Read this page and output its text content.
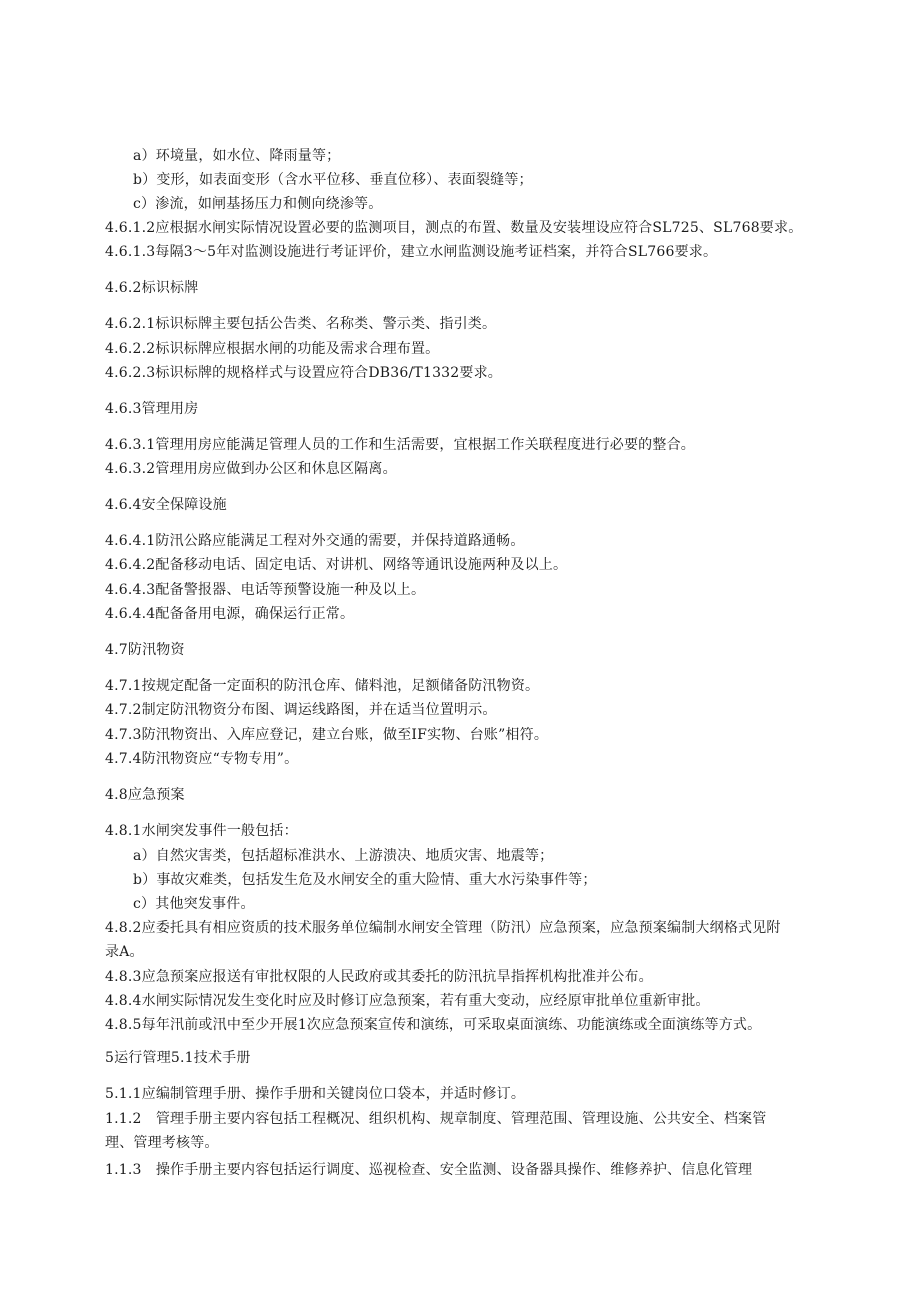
a）环境量，如水位、降雨量等；
b）变形，如表面变形（含水平位移、垂直位移）、表面裂缝等；
c）渗流，如闸基扬压力和侧向绕渗等。
4.6.1.2应根据水闸实际情况设置必要的监测项目，测点的布置、数量及安装埋设应符合SL725、SL768要求。
4.6.1.3每隔3～5年对监测设施进行考证评价，建立水闸监测设施考证档案，并符合SL766要求。
4.6.2标识标牌
4.6.2.1标识标牌主要包括公告类、名称类、警示类、指引类。
4.6.2.2标识标牌应根据水闸的功能及需求合理布置。
4.6.2.3标识标牌的规格样式与设置应符合DB36/T1332要求。
4.6.3管理用房
4.6.3.1管理用房应能满足管理人员的工作和生活需要，宜根据工作关联程度进行必要的整合。
4.6.3.2管理用房应做到办公区和休息区隔离。
4.6.4安全保障设施
4.6.4.1防汛公路应能满足工程对外交通的需要，并保持道路通畅。
4.6.4.2配备移动电话、固定电话、对讲机、网络等通讯设施两种及以上。
4.6.4.3配备警报器、电话等预警设施一种及以上。
4.6.4.4配备备用电源，确保运行正常。
4.7防汛物资
4.7.1按规定配备一定面积的防汛仓库、储料池，足额储备防汛物资。
4.7.2制定防汛物资分布图、调运线路图，并在适当位置明示。
4.7.3防汛物资出、入库应登记，建立台账，做至IF实物、台账”相符。
4.7.4防汛物资应“专物专用”。
4.8应急预案
4.8.1水闸突发事件一般包括：
a）自然灾害类，包括超标准洪水、上游溃决、地质灾害、地震等；
b）事故灾难类，包括发生危及水闸安全的重大险情、重大水污染事件等；
c）其他突发事件。
4.8.2应委托具有相应资质的技术服务单位编制水闸安全管理（防汛）应急预案，应急预案编制大纲格式见附
录A。
4.8.3应急预案应报送有审批权限的人民政府或其委托的防汛抗旱指挥机构批准并公布。
4.8.4水闸实际情况发生变化时应及时修订应急预案，若有重大变动，应经原审批单位重新审批。
4.8.5每年汛前或汛中至少开展1次应急预案宣传和演练，可采取桌面演练、功能演练或全面演练等方式。
5运行管理5.1技术手册
5.1.1应编制管理手册、操作手册和关键岗位口袋本，并适时修订。
1.1.2　管理手册主要内容包括工程概况、组织机构、规章制度、管理范围、管理设施、公共安全、档案管
理、管理考核等。
1.1.3　操作手册主要内容包括运行调度、巡视检查、安全监测、设备器具操作、维修养护、信息化管理
